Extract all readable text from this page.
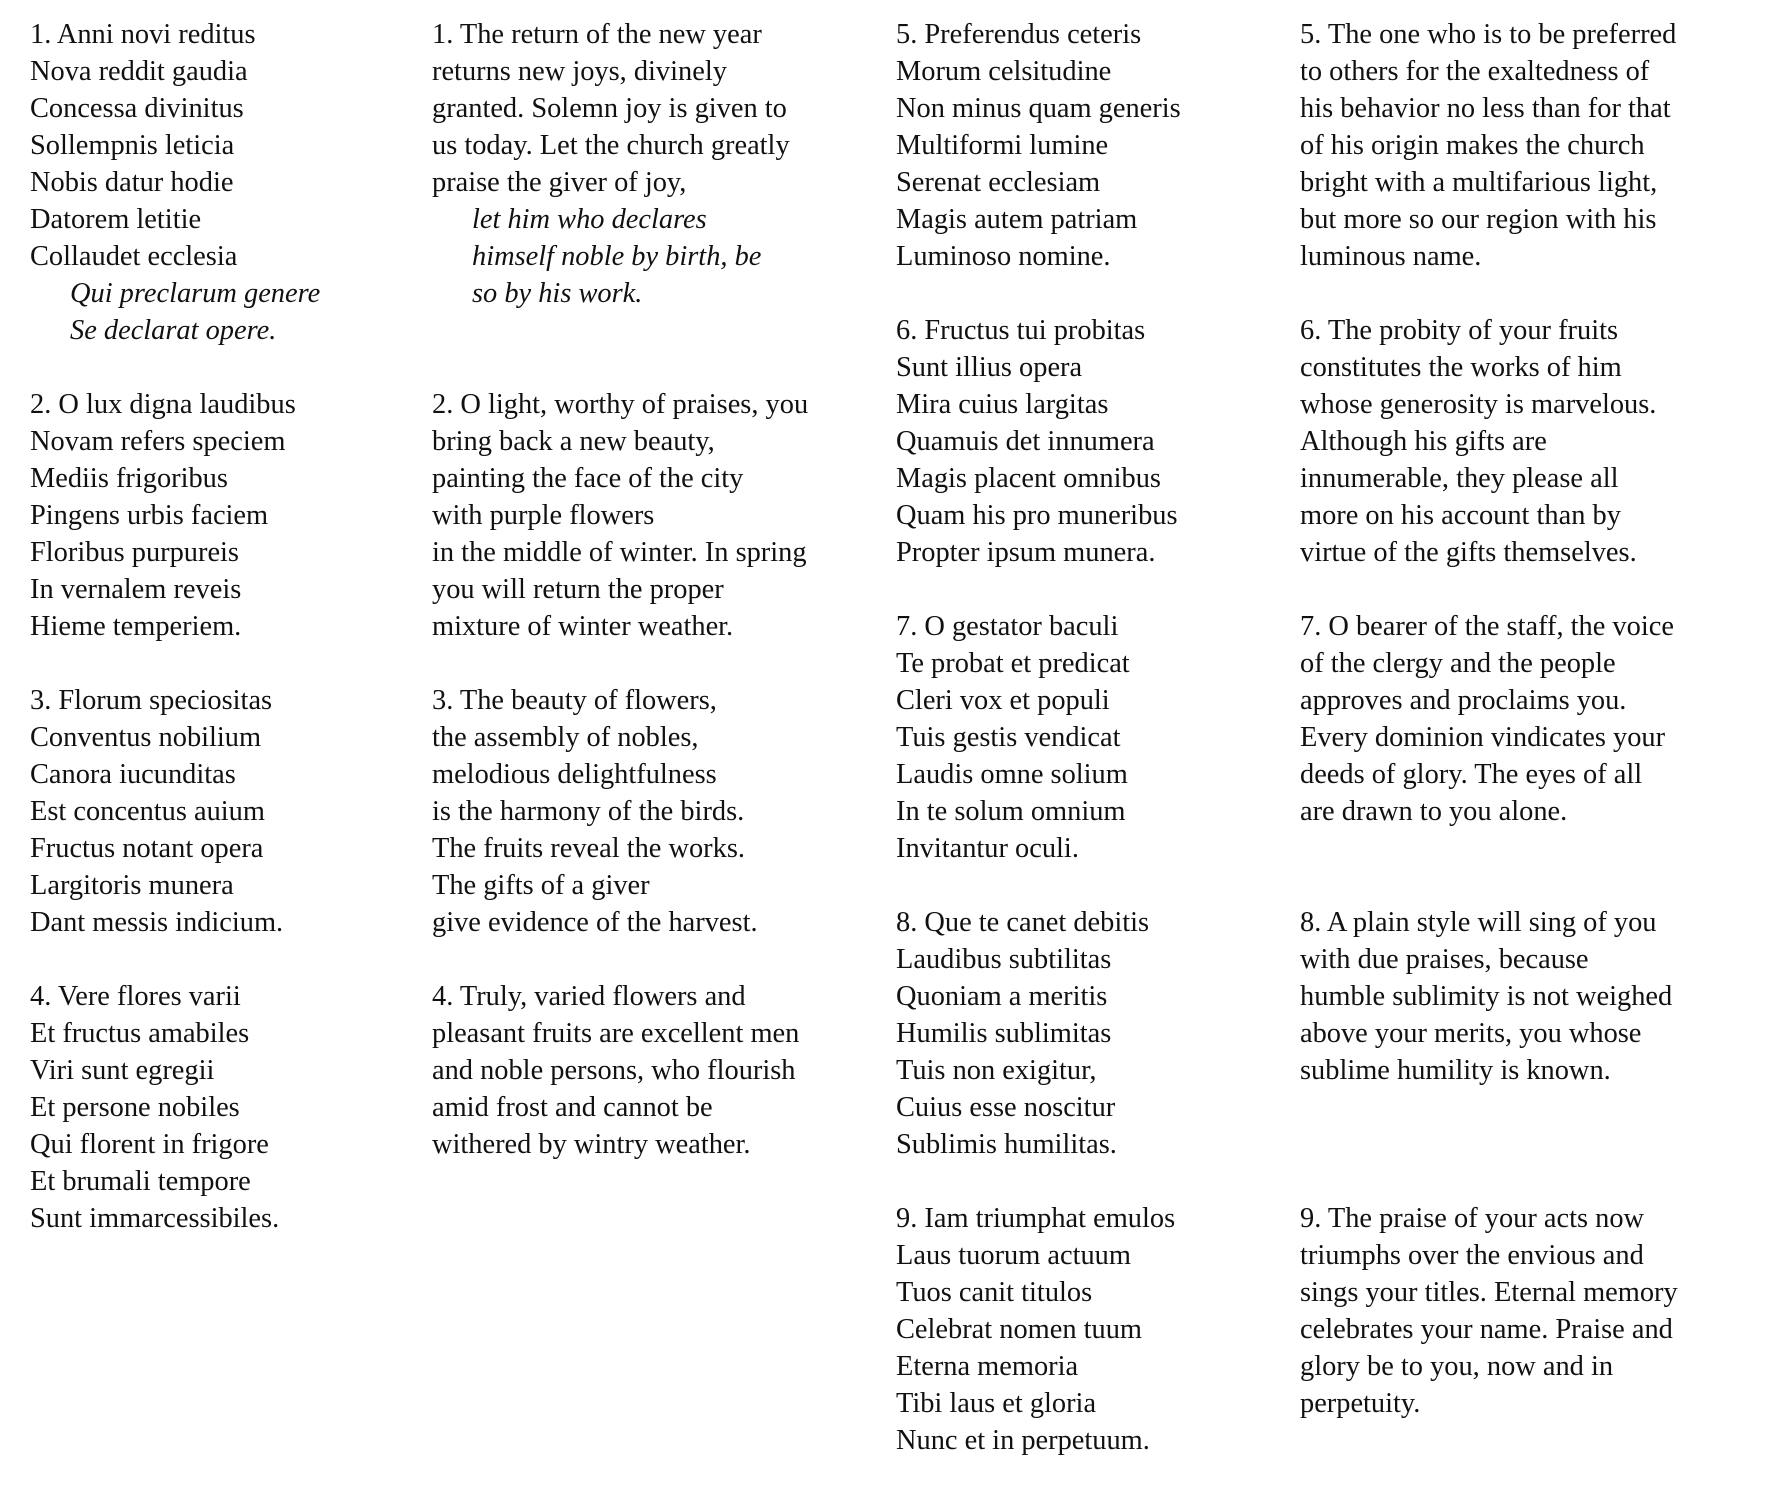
1. Anni novi reditus
Nova reddit gaudia
Concessa divinitus
Sollempnis leticia
Nobis datur hodie
Datorem letitie
Collaudet ecclesia
Qui preclarum genere
Se declarat opere.
2. O lux digna laudibus
Novam refers speciem
Mediis frigoribus
Pingens urbis faciem
Floribus purpureis
In vernalem reveis
Hieme temperiem.
3. Florum speciositas
Conventus nobilium
Canora iucunditas
Est concentus auium
Fructus notant opera
Largitoris munera
Dant messis indicium.
4. Vere flores varii
Et fructus amabiles
Viri sunt egregii
Et persone nobiles
Qui florent in frigore
Et brumali tempore
Sunt immarcessibiles.
1. The return of the new year
returns new joys, divinely
granted. Solemn joy is given to
us today. Let the church greatly
praise the giver of joy,
let him who declares
himself noble by birth, be
so by his work.
2. O light, worthy of praises, you
bring back a new beauty,
painting the face of the city
with purple flowers
in the middle of winter. In spring
you will return the proper
mixture of winter weather.
3. The beauty of flowers,
the assembly of nobles,
melodious delightfulness
is the harmony of the birds.
The fruits reveal the works.
The gifts of a giver
give evidence of the harvest.
4. Truly, varied flowers and
pleasant fruits are excellent men
and noble persons, who flourish
amid frost and cannot be
withered by wintry weather.
5. Preferendus ceteris
Morum celsitudine
Non minus quam generis
Multiformi lumine
Serenat ecclesiam
Magis autem patriam
Luminoso nomine.
6. Fructus tui probitas
Sunt illius opera
Mira cuius largitas
Quamuis det innumera
Magis placent omnibus
Quam his pro muneribus
Propter ipsum munera.
7. O gestator baculi
Te probat et predicat
Cleri vox et populi
Tuis gestis vendicat
Laudis omne solium
In te solum omnium
Invitantur oculi.
8. Que te canet debitis
Laudibus subtilitas
Quoniam a meritis
Humilis sublimitas
Tuis non exigitur,
Cuius esse noscitur
Sublimis humilitas.
9. Iam triumphat emulos
Laus tuorum actuum
Tuos canit titulos
Celebrat nomen tuum
Eterna memoria
Tibi laus et gloria
Nunc et in perpetuum.
5. The one who is to be preferred
to others for the exaltedness of
his behavior no less than for that
of his origin makes the church
bright with a multifarious light,
but more so our region with his
luminous name.
6. The probity of your fruits
constitutes the works of him
whose generosity is marvelous.
Although his gifts are
innumerable, they please all
more on his account than by
virtue of the gifts themselves.
7. O bearer of the staff, the voice
of the clergy and the people
approves and proclaims you.
Every dominion vindicates your
deeds of glory. The eyes of all
are drawn to you alone.
8. A plain style will sing of you
with due praises, because
humble sublimity is not weighed
above your merits, you whose
sublime humility is known.
9. The praise of your acts now
triumphs over the envious and
sings your titles. Eternal memory
celebrates your name. Praise and
glory be to you, now and in
perpetuity.
